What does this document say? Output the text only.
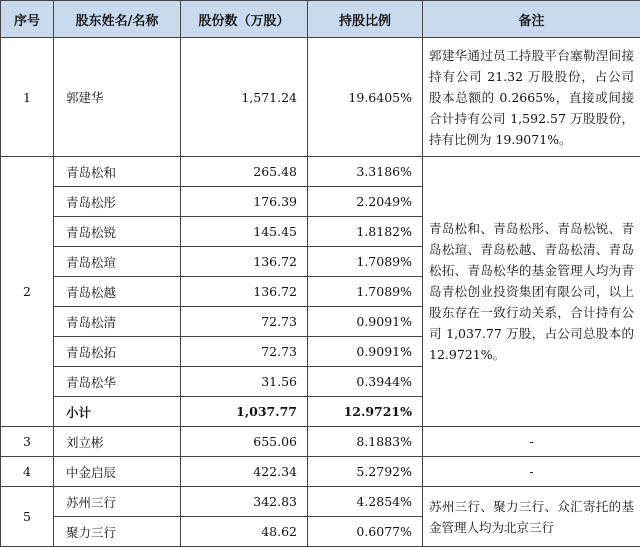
序号	股东姓名/名称	股份数（万股）	持股比例	备注
1	郭建华	1,571.24	19.6405%	郭建华通过员工持股平台塞勒涅间接持有公司 21.32 万股股份，占公司股本总额的 0.2665%，直接或间接合计持有公司 1,592.57 万股股份，持有比例为 19.9071%。
2	青岛松和	265.48	3.3186%	青岛松和、青岛松彤、青岛松锐、青岛松瑄、青岛松越、青岛松清、青岛松拓、青岛松华的基金管理人均为青岛青松创业投资集团有限公司，以上股东存在一致行动关系，合计持有公司 1,037.77 万股，占公司总股本的 12.9721%。
	青岛松彤	176.39	2.2049%	
	青岛松锐	145.45	1.8182%	
	青岛松瑄	136.72	1.7089%	
	青岛松越	136.72	1.7089%	
	青岛松清	72.73	0.9091%	
	青岛松拓	72.73	0.9091%	
	青岛松华	31.56	0.3944%	
	小计	1,037.77	12.9721%	
3	刘立彬	655.06	8.1883%	-
4	中金启辰	422.34	5.2792%	-
5	苏州三行	342.83	4.2854%	苏州三行、聚力三行、众汇寄托的基金管理人均为北京三行
	聚力三行	48.62	0.6077%	
